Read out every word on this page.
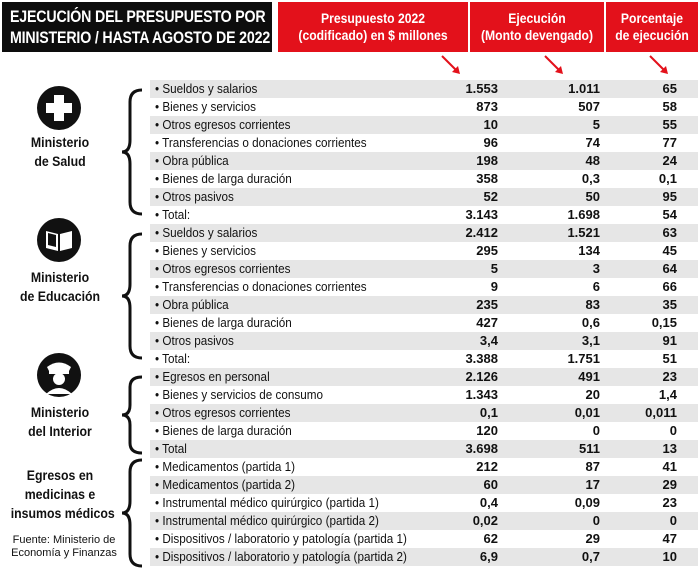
EJECUCIÓN DEL PRESUPUESTO POR
MINISTERIO / HASTA AGOSTO DE 2022
Presupuesto 2022
(codificado) en $ millones
Ejecución
(Monto devengado)
Porcentaje
de ejecución
• Sueldos y salarios	1.553	1.011	65
• Bienes y servicios	873	507	58
• Otros egresos corrientes	10	5	55
• Transferencias o donaciones corrientes	96	74	77
• Obra pública	198	48	24
• Bienes de larga duración	358	0,3	0,1
• Otros pasivos	52	50	95
• Total:	3.143	1.698	54
• Sueldos y salarios	2.412	1.521	63
• Bienes y servicios	295	134	45
• Otros egresos corrientes	5	3	64
• Transferencias o donaciones corrientes	9	6	66
• Obra pública	235	83	35
• Bienes de larga duración	427	0,6	0,15
• Otros pasivos	3,4	3,1	91
• Total:	3.388	1.751	51
• Egresos en personal	2.126	491	23
• Bienes y servicios de consumo	1.343	20	1,4
• Otros egresos corrientes	0,1	0,01	0,011
• Bienes de larga duración	120	0	0
• Total	3.698	511	13
• Medicamentos (partida 1)	212	87	41
• Medicamentos (partida 2)	60	17	29
• Instrumental médico quirúrgico (partida 1)	0,4	0,09	23
• Instrumental médico quirúrgico (partida 2)	0,02	0	0
• Dispositivos / laboratorio y patología (partida 1)	62	29	47
• Dispositivos / laboratorio y patología (partida 2)	6,9	0,7	10
Ministerio
de Salud
Ministerio
de Educación
Ministerio
del Interior
Egresos en
medicinas e
insumos médicos
Fuente: Ministerio de
Economía y Finanzas
